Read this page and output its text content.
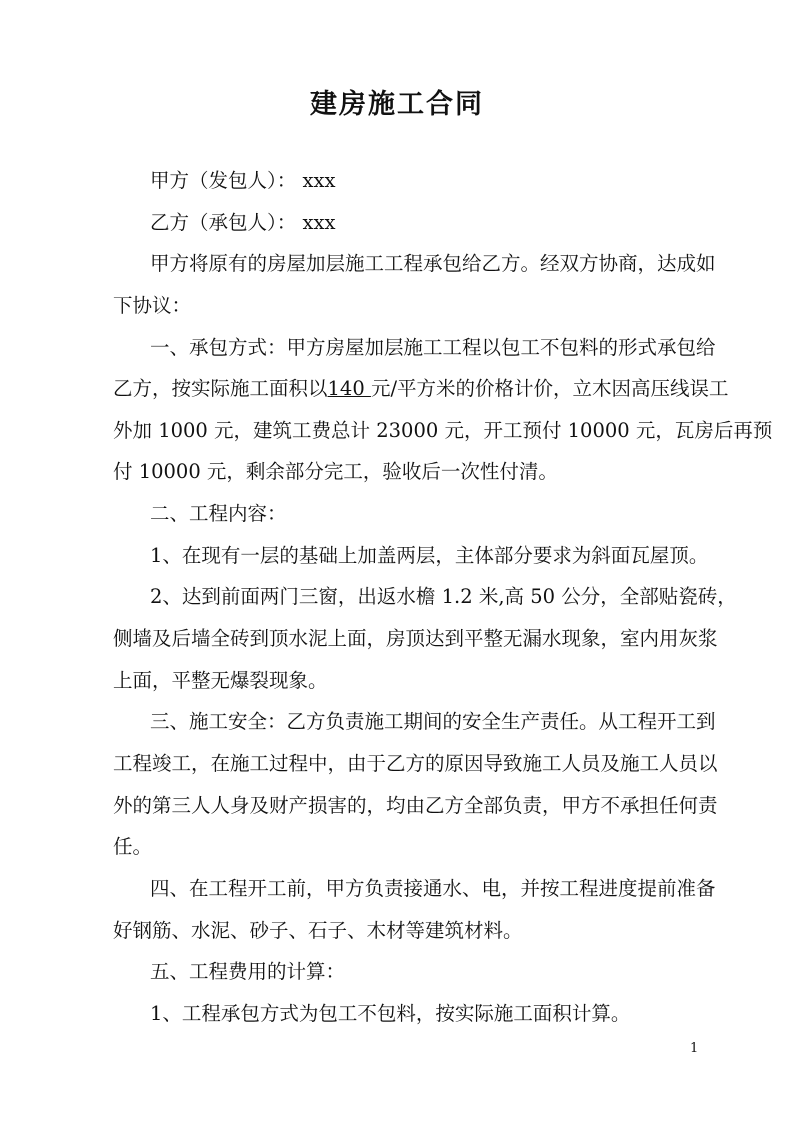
建房施工合同
甲方（发包人）： xxx
乙方（承包人）： xxx
甲方将原有的房屋加层施工工程承包给乙方。经双方协商，达成如
下协议：
一、承包方式：甲方房屋加层施工工程以包工不包料的形式承包给
乙方，按实际施工面积以140 元/平方米的价格计价，立木因高压线误工
外加 1000 元，建筑工费总计 23000 元，开工预付 10000 元，瓦房后再预
付 10000 元，剩余部分完工，验收后一次性付清。
二、工程内容：
1、在现有一层的基础上加盖两层，主体部分要求为斜面瓦屋顶。
2、达到前面两门三窗，出返水檐 1.2 米,高 50 公分，全部贴瓷砖，
侧墙及后墙全砖到顶水泥上面，房顶达到平整无漏水现象，室内用灰浆
上面，平整无爆裂现象。
三、施工安全：乙方负责施工期间的安全生产责任。从工程开工到
工程竣工，在施工过程中，由于乙方的原因导致施工人员及施工人员以
外的第三人人身及财产损害的，均由乙方全部负责，甲方不承担任何责
任。
四、在工程开工前，甲方负责接通水、电，并按工程进度提前准备
好钢筋、水泥、砂子、石子、木材等建筑材料。
五、工程费用的计算：
1、工程承包方式为包工不包料，按实际施工面积计算。
1
